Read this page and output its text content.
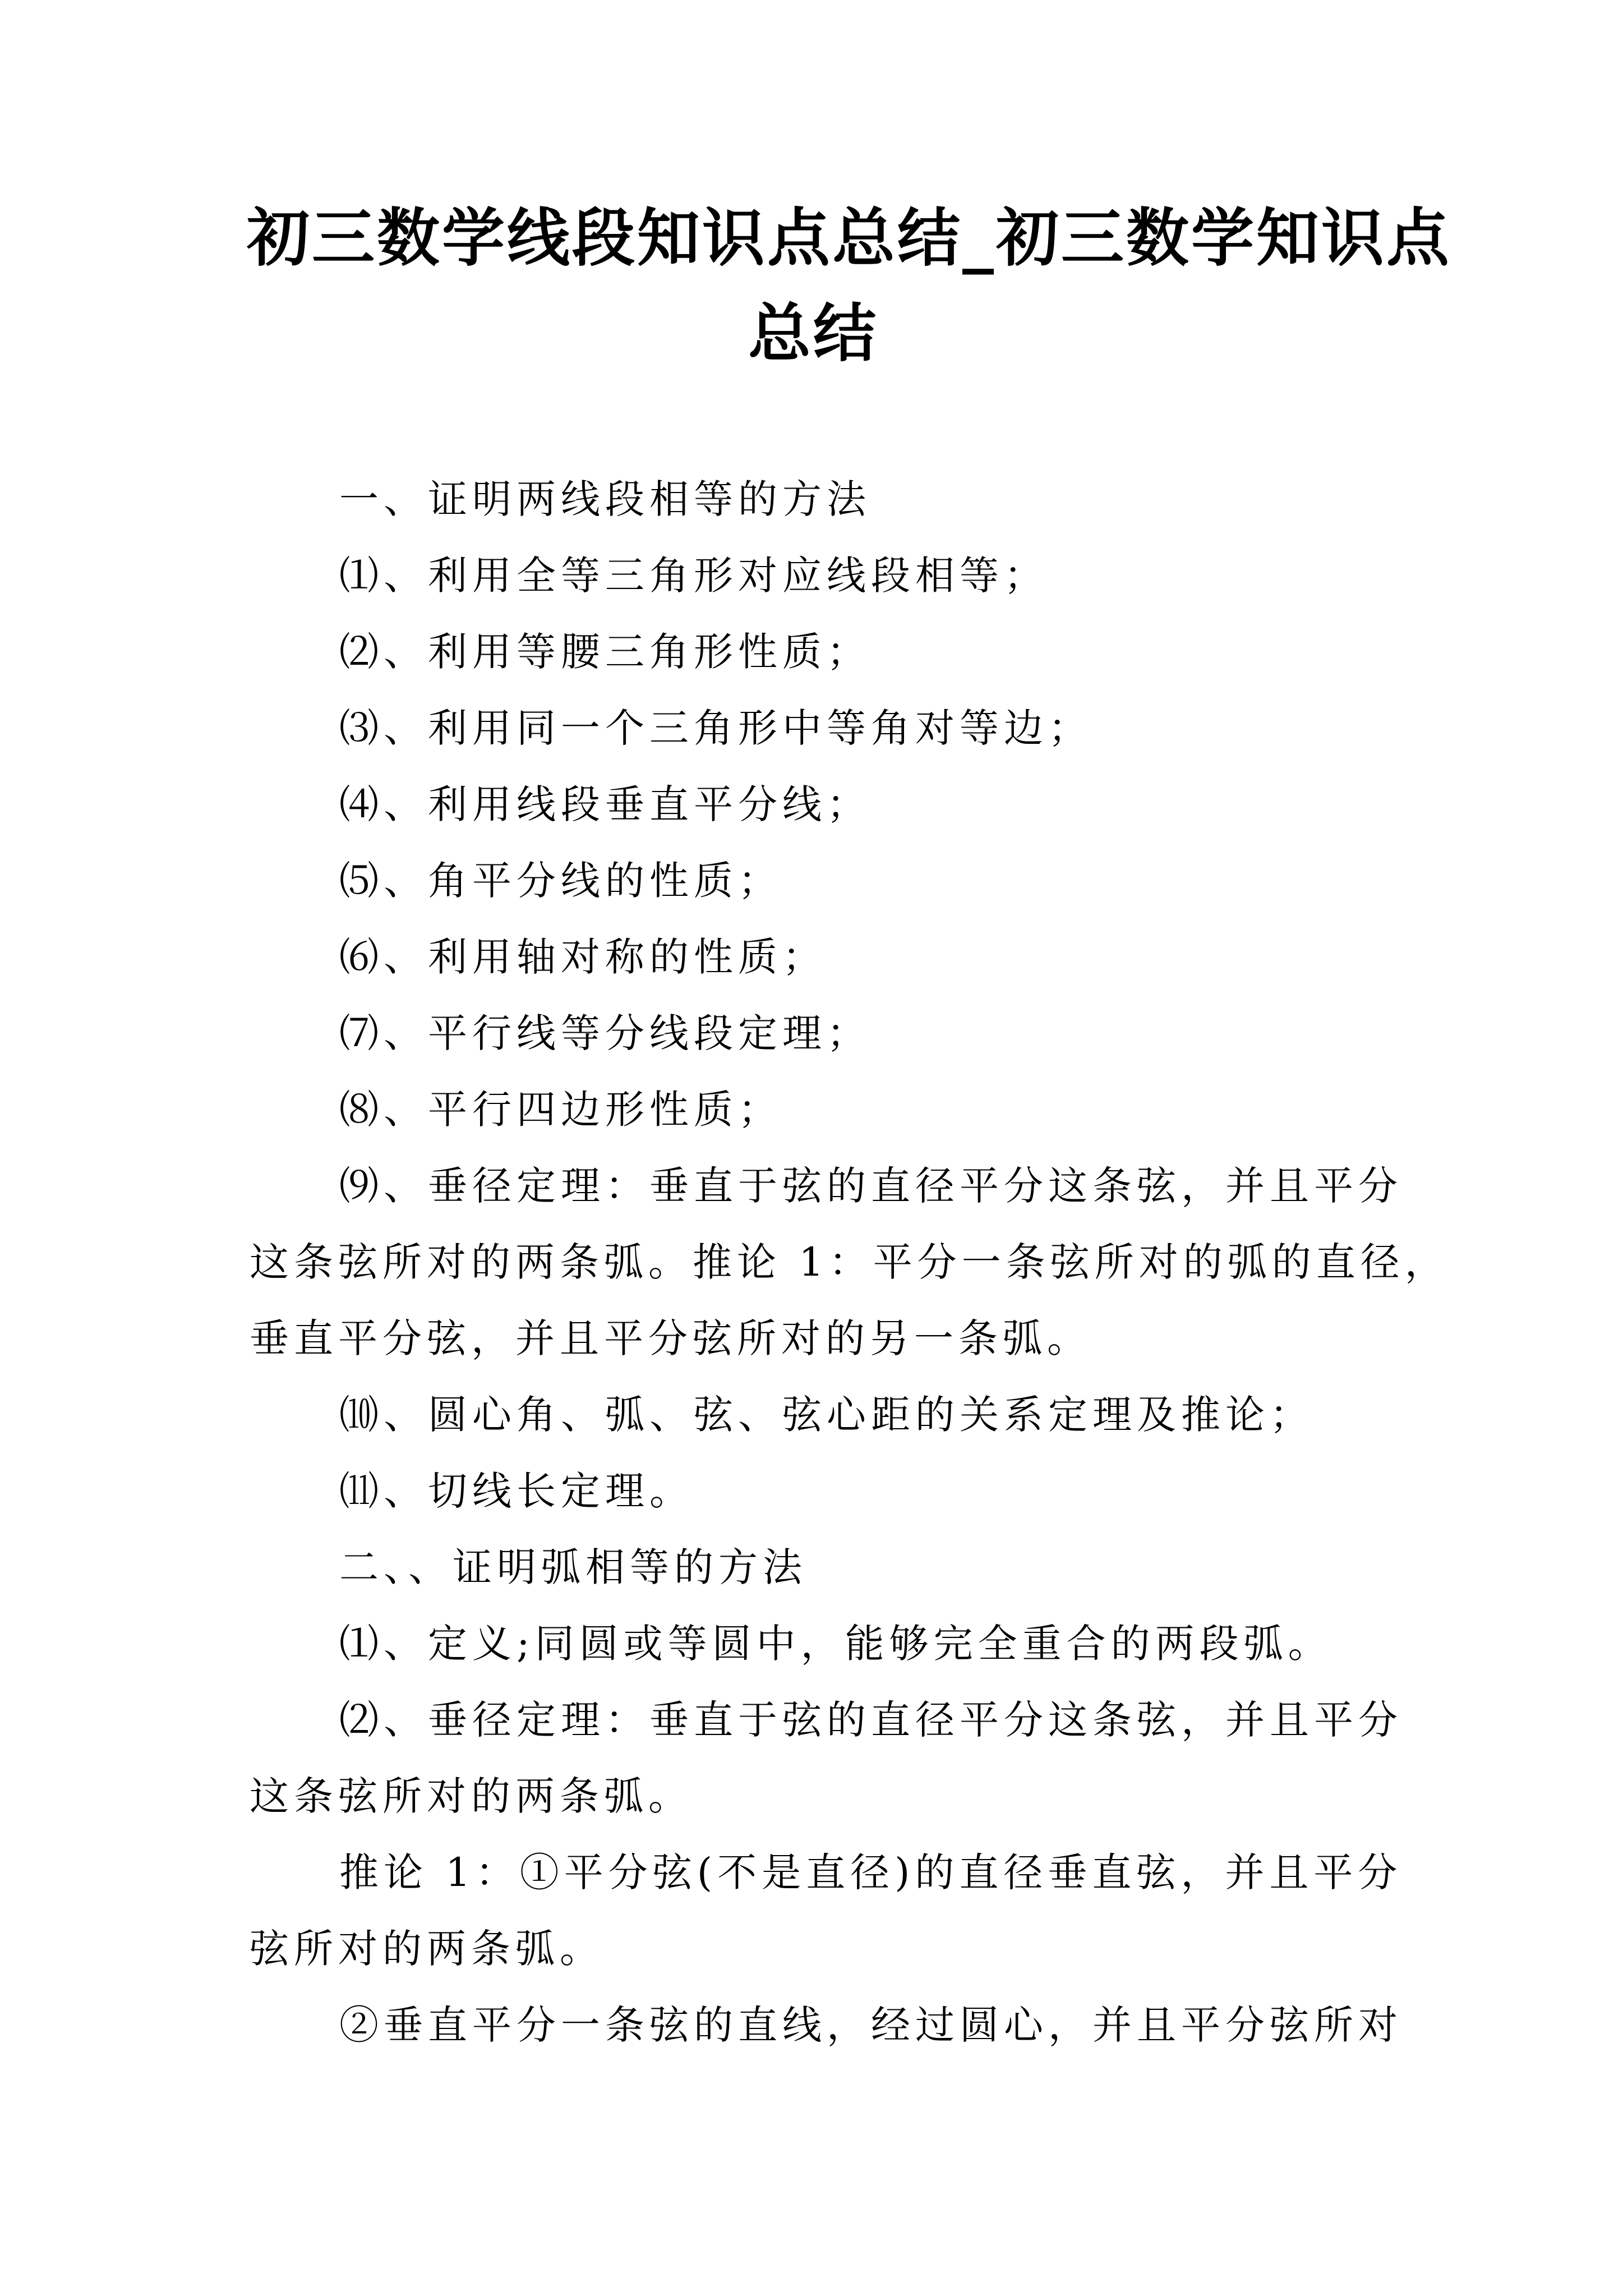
初三数学线段知识点总结_初三数学知识点
总结

一、证明两线段相等的方法

⑴、利用全等三角形对应线段相等；

⑵、利用等腰三角形性质；

⑶、利用同一个三角形中等角对等边；

⑷、利用线段垂直平分线；

⑸、角平分线的性质；

⑹、利用轴对称的性质；

⑺、平行线等分线段定理；

⑻、平行四边形性质；

⑼、垂径定理：垂直于弦的直径平分这条弦，并且平分
这条弦所对的两条弧。推论 1：平分一条弦所对的弧的直径，
垂直平分弦，并且平分弦所对的另一条弧。

⑽、圆心角、弧、弦、弦心距的关系定理及推论；

⑾、切线长定理。

二、、证明弧相等的方法

⑴、定义;同圆或等圆中，能够完全重合的两段弧。

⑵、垂径定理：垂直于弦的直径平分这条弦，并且平分
这条弦所对的两条弧。

推论 1：①平分弦(不是直径)的直径垂直弦，并且平分
弦所对的两条弧。

②垂直平分一条弦的直线，经过圆心，并且平分弦所对
